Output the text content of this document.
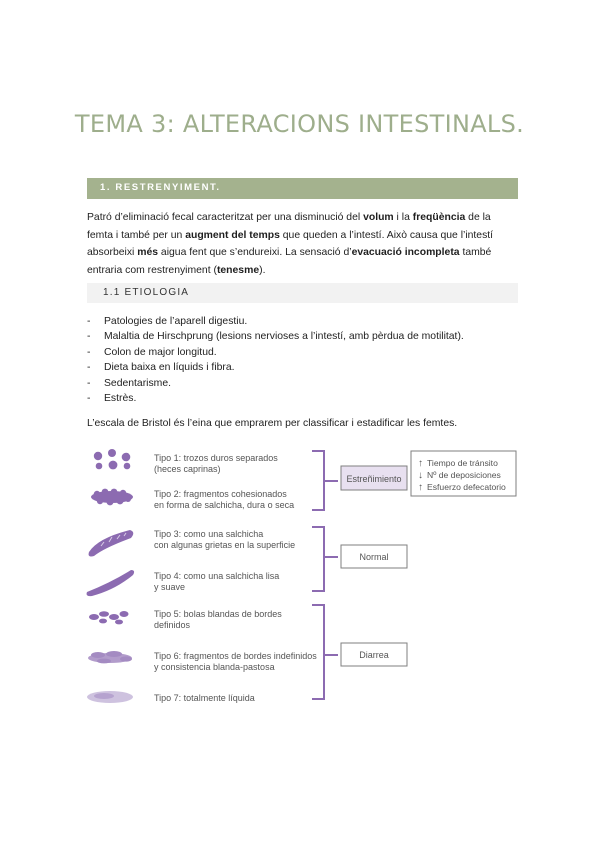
TEMA 3: ALTERACIONS INTESTINALS.
1. RESTRENYIMENT.
Patró d’eliminació fecal caracteritzat per una disminució del volum i la freqüència de la femta i també per un augment del temps que queden a l’intestí. Això causa que l’intestí absorbeixi més aigua fent que s’endureixi. La sensació d’evacuació incompleta també entraria com restrenyiment (tenesme).
1.1 ETIOLOGIA
- Patologies de l’aparell digestiu.
- Malaltia de Hirschprung (lesions nervioses a l’intestí, amb pèrdua de motilitat).
- Colon de major longitud.
- Dieta baixa en líquids i fibra.
- Sedentarisme.
- Estrès.
L’escala de Bristol és l’eina que emprarem per classificar i estadificar les femtes.
Tipo 1: trozos duros separados
(heces caprinas)
Tipo 2: fragmentos cohesionados
en forma de salchicha, dura o seca
Tipo 3: como una salchicha
con algunas grietas en la superficie
Tipo 4: como una salchicha lisa
y suave
Tipo 5: bolas blandas de bordes
definidos
Tipo 6: fragmentos de bordes indefinidos
y consistencia blanda-pastosa
Tipo 7: totalmente líquida
Estreñimiento
Normal
Diarrea
↑ Tiempo de tránsito
↓ Nº de deposiciones
↑ Esfuerzo defecatorio
